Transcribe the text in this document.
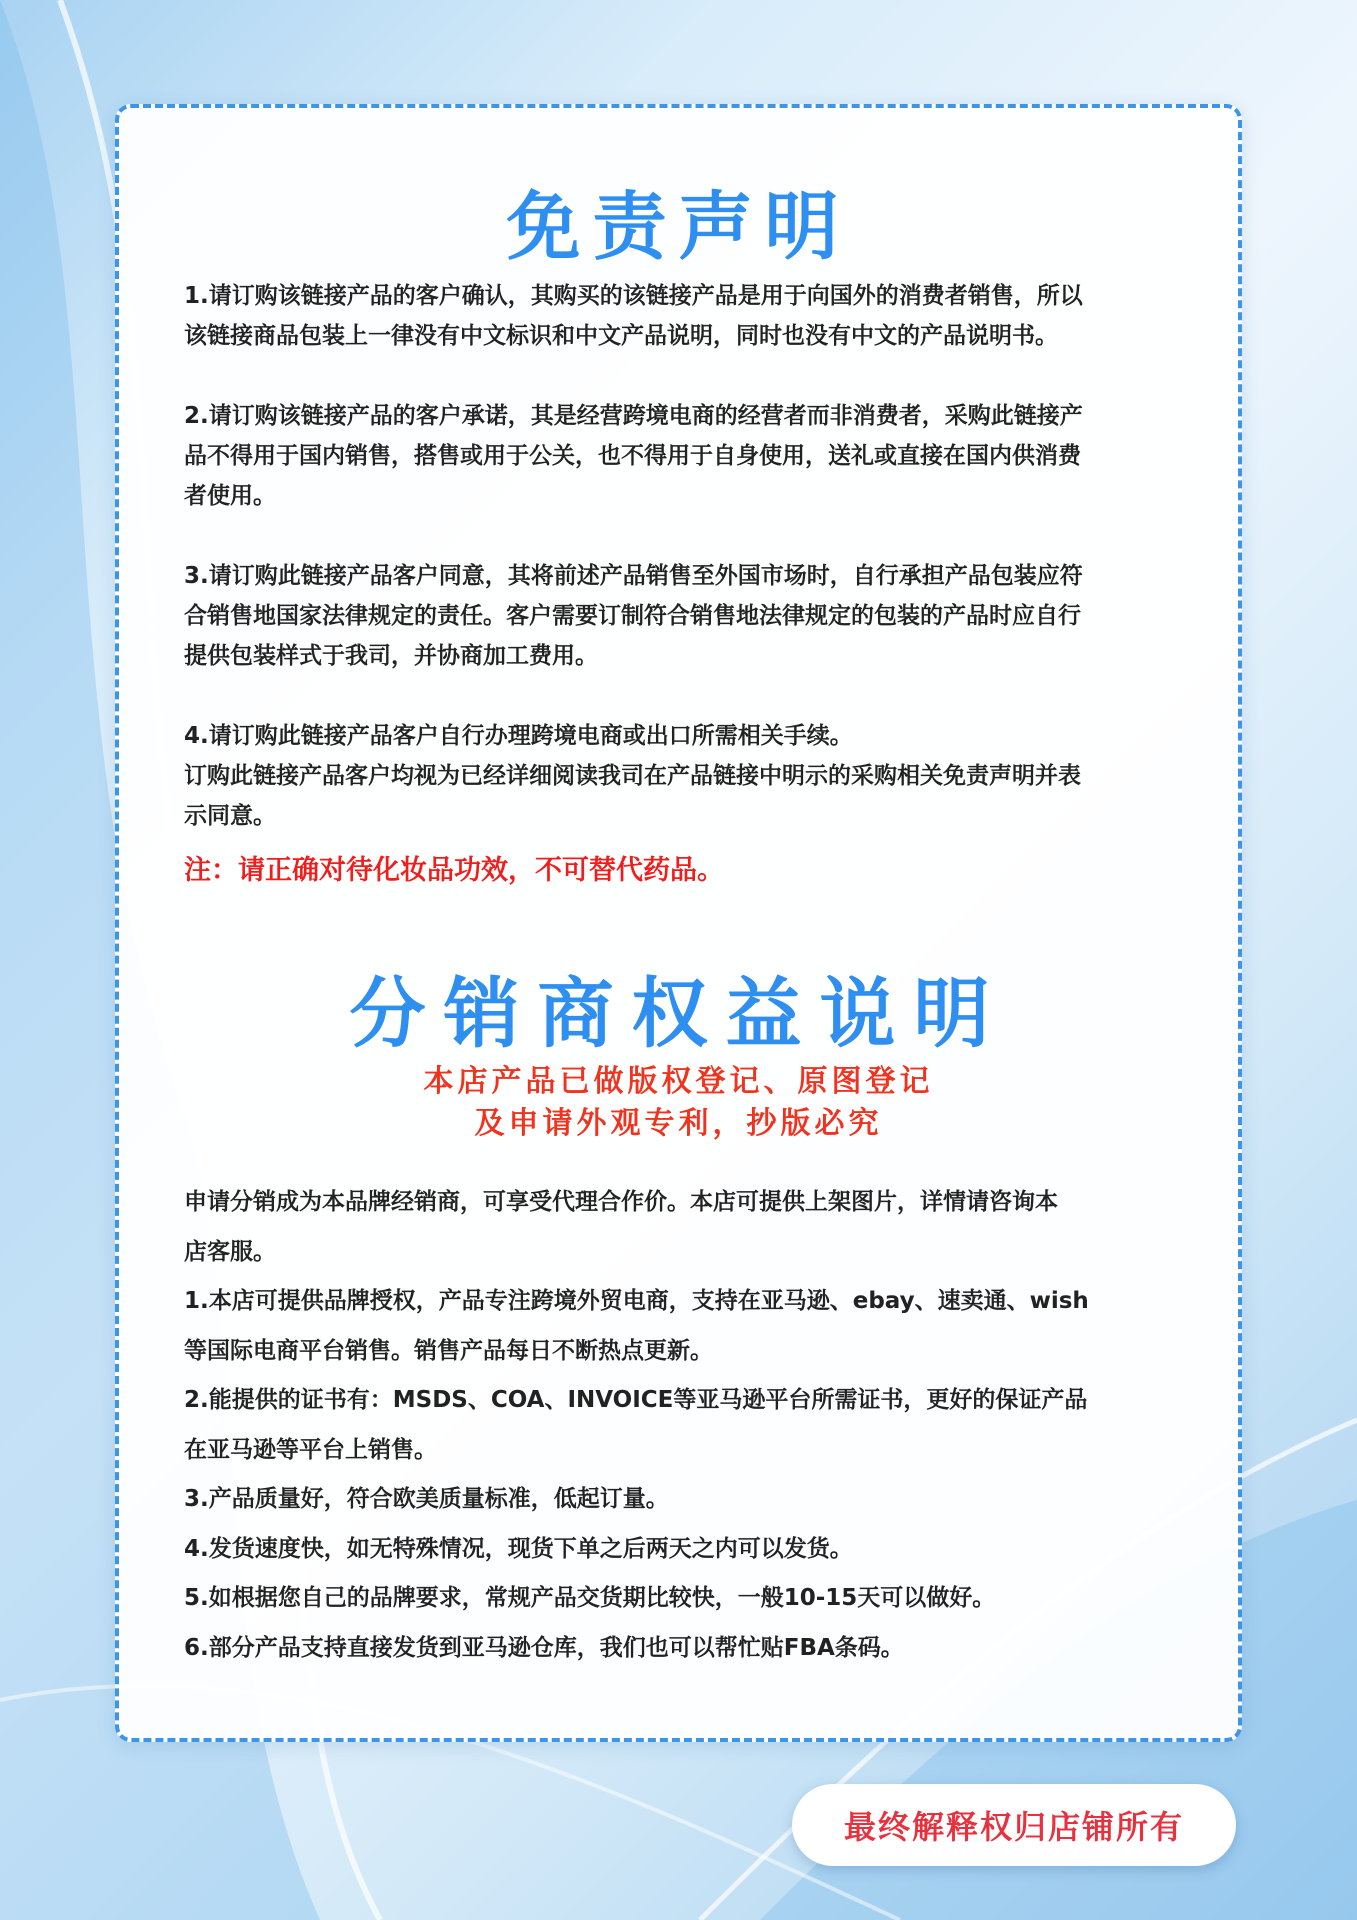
免责声明
1.请订购该链接产品的客户确认，其购买的该链接产品是用于向国外的消费者销售，所以
该链接商品包装上一律没有中文标识和中文产品说明，同时也没有中文的产品说明书。
2.请订购该链接产品的客户承诺，其是经营跨境电商的经营者而非消费者，采购此链接产
品不得用于国内销售，搭售或用于公关，也不得用于自身使用，送礼或直接在国内供消费
者使用。
3.请订购此链接产品客户同意，其将前述产品销售至外国市场时，自行承担产品包装应符
合销售地国家法律规定的责任。客户需要订制符合销售地法律规定的包装的产品时应自行
提供包装样式于我司，并协商加工费用。
4.请订购此链接产品客户自行办理跨境电商或出口所需相关手续。
订购此链接产品客户均视为已经详细阅读我司在产品链接中明示的采购相关免责声明并表
示同意。

注：请正确对待化妆品功效，不可替代药品。

分销商权益说明

本店产品已做版权登记、原图登记

及申请外观专利，抄版必究

申请分销成为本品牌经销商，可享受代理合作价。本店可提供上架图片，详情请咨询本

店客服。

1.本店可提供品牌授权，产品专注跨境外贸电商，支持在亚马逊、ebay、速卖通、wish

等国际电商平台销售。销售产品每日不断热点更新。

2.能提供的证书有：MSDS、COA、INVOICE等亚马逊平台所需证书，更好的保证产品

在亚马逊等平台上销售。

3.产品质量好，符合欧美质量标准，低起订量。

4.发货速度快，如无特殊情况，现货下单之后两天之内可以发货。

5.如根据您自己的品牌要求，常规产品交货期比较快，一般10-15天可以做好。

6.部分产品支持直接发货到亚马逊仓库，我们也可以帮忙贴FBA条码。

最终解释权归店铺所有
